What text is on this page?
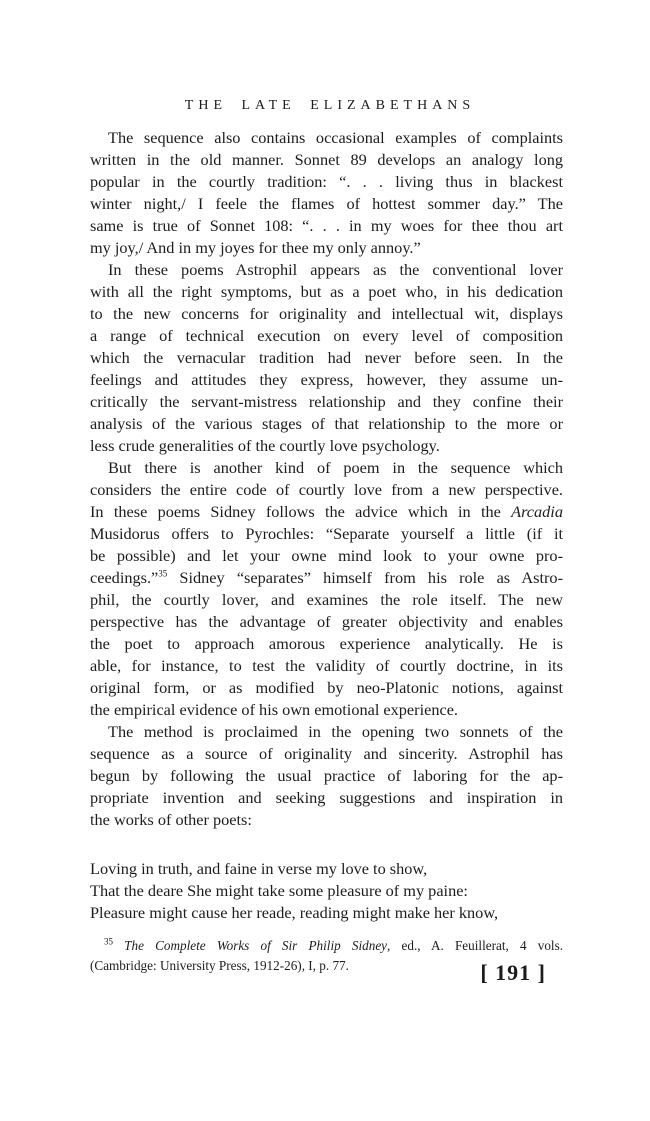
THE LATE ELIZABETHANS
The sequence also contains occasional examples of complaints
written in the old manner. Sonnet 89 develops an analogy long
popular in the courtly tradition: “. . . living thus in blackest
winter night,/ I feele the flames of hottest sommer day.” The
same is true of Sonnet 108: “. . . in my woes for thee thou art
my joy,/ And in my joyes for thee my only annoy.”
In these poems Astrophil appears as the conventional lover
with all the right symptoms, but as a poet who, in his dedication
to the new concerns for originality and intellectual wit, displays
a range of technical execution on every level of composition
which the vernacular tradition had never before seen. In the
feelings and attitudes they express, however, they assume un-
critically the servant-mistress relationship and they confine their
analysis of the various stages of that relationship to the more or
less crude generalities of the courtly love psychology.
But there is another kind of poem in the sequence which
considers the entire code of courtly love from a new perspective.
In these poems Sidney follows the advice which in the Arcadia
Musidorus offers to Pyrochles: “Separate yourself a little (if it
be possible) and let your owne mind look to your owne pro-
ceedings.”$^{35}$ Sidney “separates” himself from his role as Astro-
phil, the courtly lover, and examines the role itself. The new
perspective has the advantage of greater objectivity and enables
the poet to approach amorous experience analytically. He is
able, for instance, to test the validity of courtly doctrine, in its
original form, or as modified by neo-Platonic notions, against
the empirical evidence of his own emotional experience.
The method is proclaimed in the opening two sonnets of the
sequence as a source of originality and sincerity. Astrophil has
begun by following the usual practice of laboring for the ap-
propriate invention and seeking suggestions and inspiration in
the works of other poets:
Loving in truth, and faine in verse my love to show,
That the deare She might take some pleasure of my paine:
Pleasure might cause her reade, reading might make her know,
$^{35}$ The Complete Works of Sir Philip Sidney, ed., A. Feuillerat, 4 vols.
(Cambridge: University Press, 1912-26), I, p. 77.	[ 191 ]
